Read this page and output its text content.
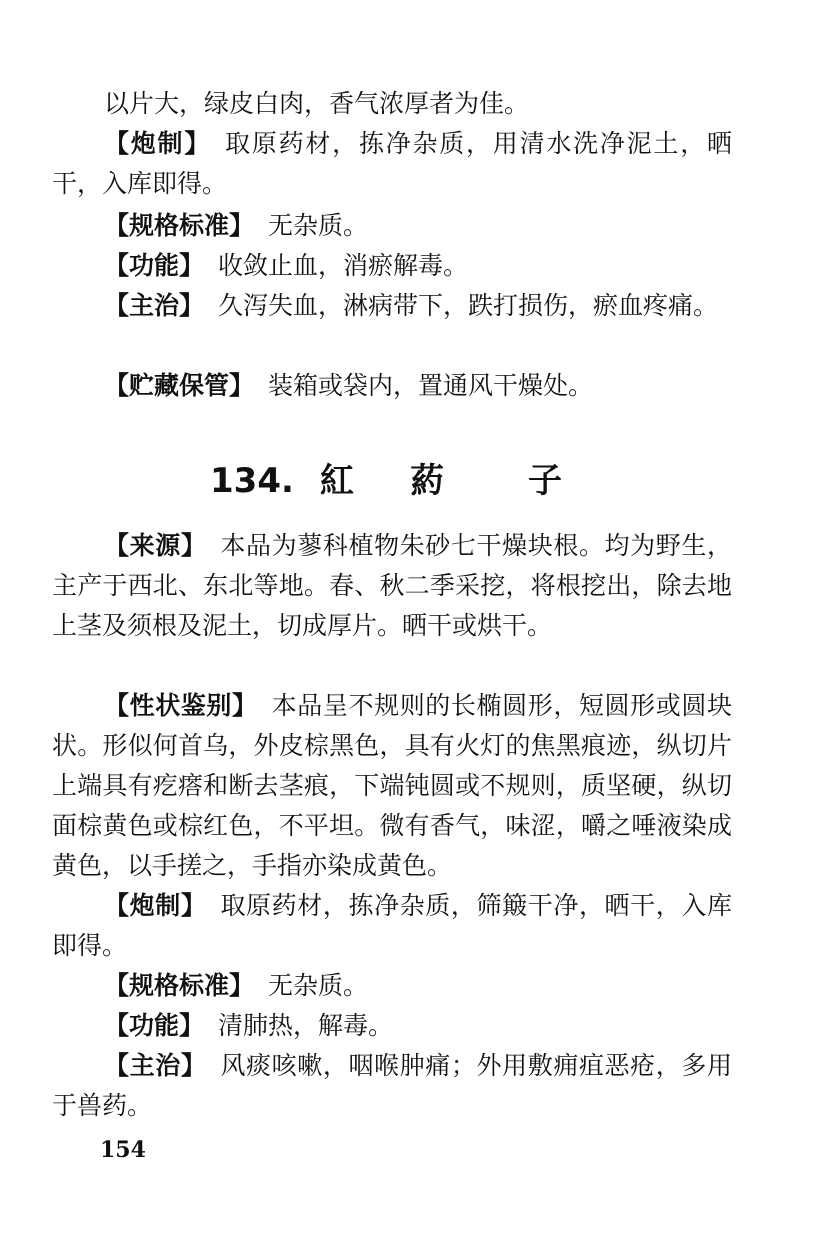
以片大，绿皮白肉，香气浓厚者为佳。

【炮制】 取原药材，拣净杂质，用清水洗净泥土，晒干，入库即得。

【规格标准】 无杂质。

【功能】 收敛止血，消瘀解毒。

【主治】 久泻失血，淋病带下，跌打损伤，瘀血疼痛。

【贮藏保管】 装箱或袋内，置通风干燥处。

134. 紅 葯 子

【来源】 本品为蓼科植物朱砂七干燥块根。均为野生，主产于西北、东北等地。春、秋二季采挖，将根挖出，除去地上茎及须根及泥土，切成厚片。晒干或烘干。

【性状鉴别】 本品呈不规则的长椭圆形，短圆形或圆块状。形似何首乌，外皮棕黑色，具有火灯的焦黑痕迹，纵切片上端具有疙瘩和断去茎痕，下端钝圆或不规则，质坚硬，纵切面棕黄色或棕红色，不平坦。微有香气，味涩，嚼之唾液染成黄色，以手搓之，手指亦染成黄色。

【炮制】 取原药材，拣净杂质，筛簸干净，晒干，入库即得。

【规格标准】 无杂质。

【功能】 清肺热，解毒。

【主治】 风痰咳嗽，咽喉肿痛；外用敷痈疽恶疮，多用于兽药。

154
